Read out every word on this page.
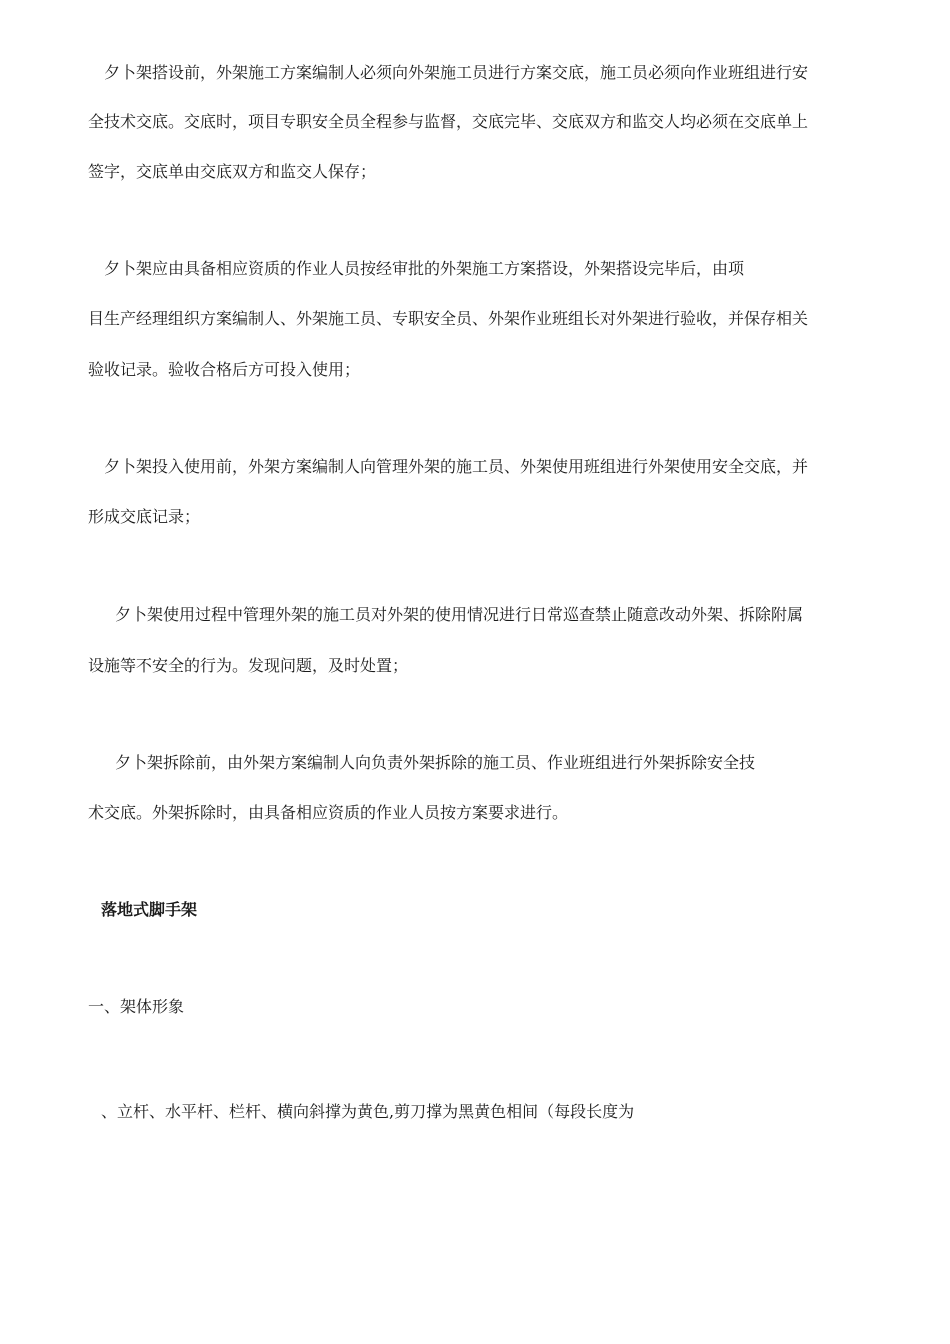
夕卜架搭设前，外架施工方案编制人必须向外架施工员进行方案交底，施工员必须向作业班组进行安
全技术交底。交底时，项目专职安全员全程参与监督，交底完毕、交底双方和监交人均必须在交底单上
签字，交底单由交底双方和监交人保存；
夕卜架应由具备相应资质的作业人员按经审批的外架施工方案搭设，外架搭设完毕后，由项
目生产经理组织方案编制人、外架施工员、专职安全员、外架作业班组长对外架进行验收，并保存相关
验收记录。验收合格后方可投入使用；
夕卜架投入使用前，外架方案编制人向管理外架的施工员、外架使用班组进行外架使用安全交底，并
形成交底记录；
夕卜架使用过程中管理外架的施工员对外架的使用情况进行日常巡查禁止随意改动外架、拆除附属
设施等不安全的行为。发现问题，及时处置；
夕卜架拆除前，由外架方案编制人向负责外架拆除的施工员、作业班组进行外架拆除安全技
术交底。外架拆除时，由具备相应资质的作业人员按方案要求进行。
落地式脚手架
一、架体形象
、立杆、水平杆、栏杆、横向斜撑为黄色,剪刀撑为黑黄色相间（每段长度为
